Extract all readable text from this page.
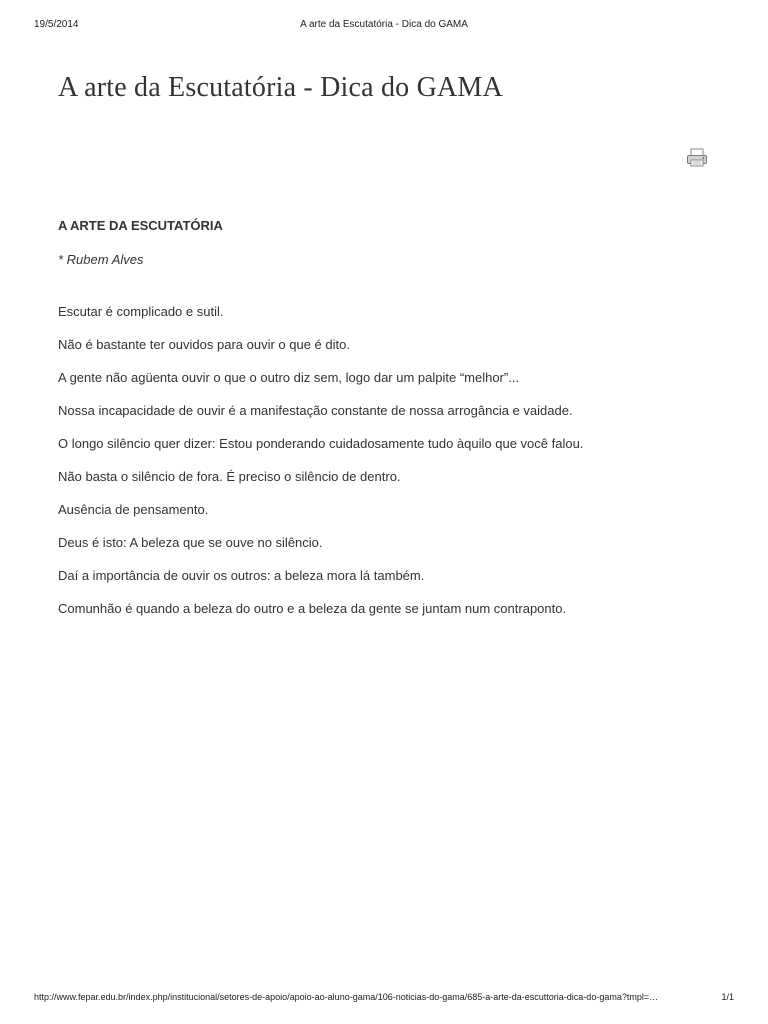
19/5/2014	A arte da Escutatória - Dica do GAMA
A arte da Escutatória - Dica do GAMA
A ARTE DA ESCUTATÓRIA
* Rubem Alves

Escutar é complicado e sutil.

Não é bastante ter ouvidos para ouvir o que é dito.

A gente não agüenta ouvir o que o outro diz sem, logo dar um palpite “melhor”...

Nossa incapacidade de ouvir é a manifestação constante de nossa arrogância e vaidade.

O longo silêncio quer dizer: Estou ponderando cuidadosamente tudo àquilo que você falou.

Não basta o silêncio de fora. É preciso o silêncio de dentro.

Ausência de pensamento.

Deus é isto: A beleza que se ouve no silêncio.

Daí a importância de ouvir os outros: a beleza mora lá também.

Comunhão é quando a beleza do outro e a beleza da gente se juntam num contraponto.

http://www.fepar.edu.br/index.php/institucional/setores-de-apoio/apoio-ao-aluno-gama/106-noticias-do-gama/685-a-arte-da-escuttoria-dica-do-gama?tmpl=…	1/1
